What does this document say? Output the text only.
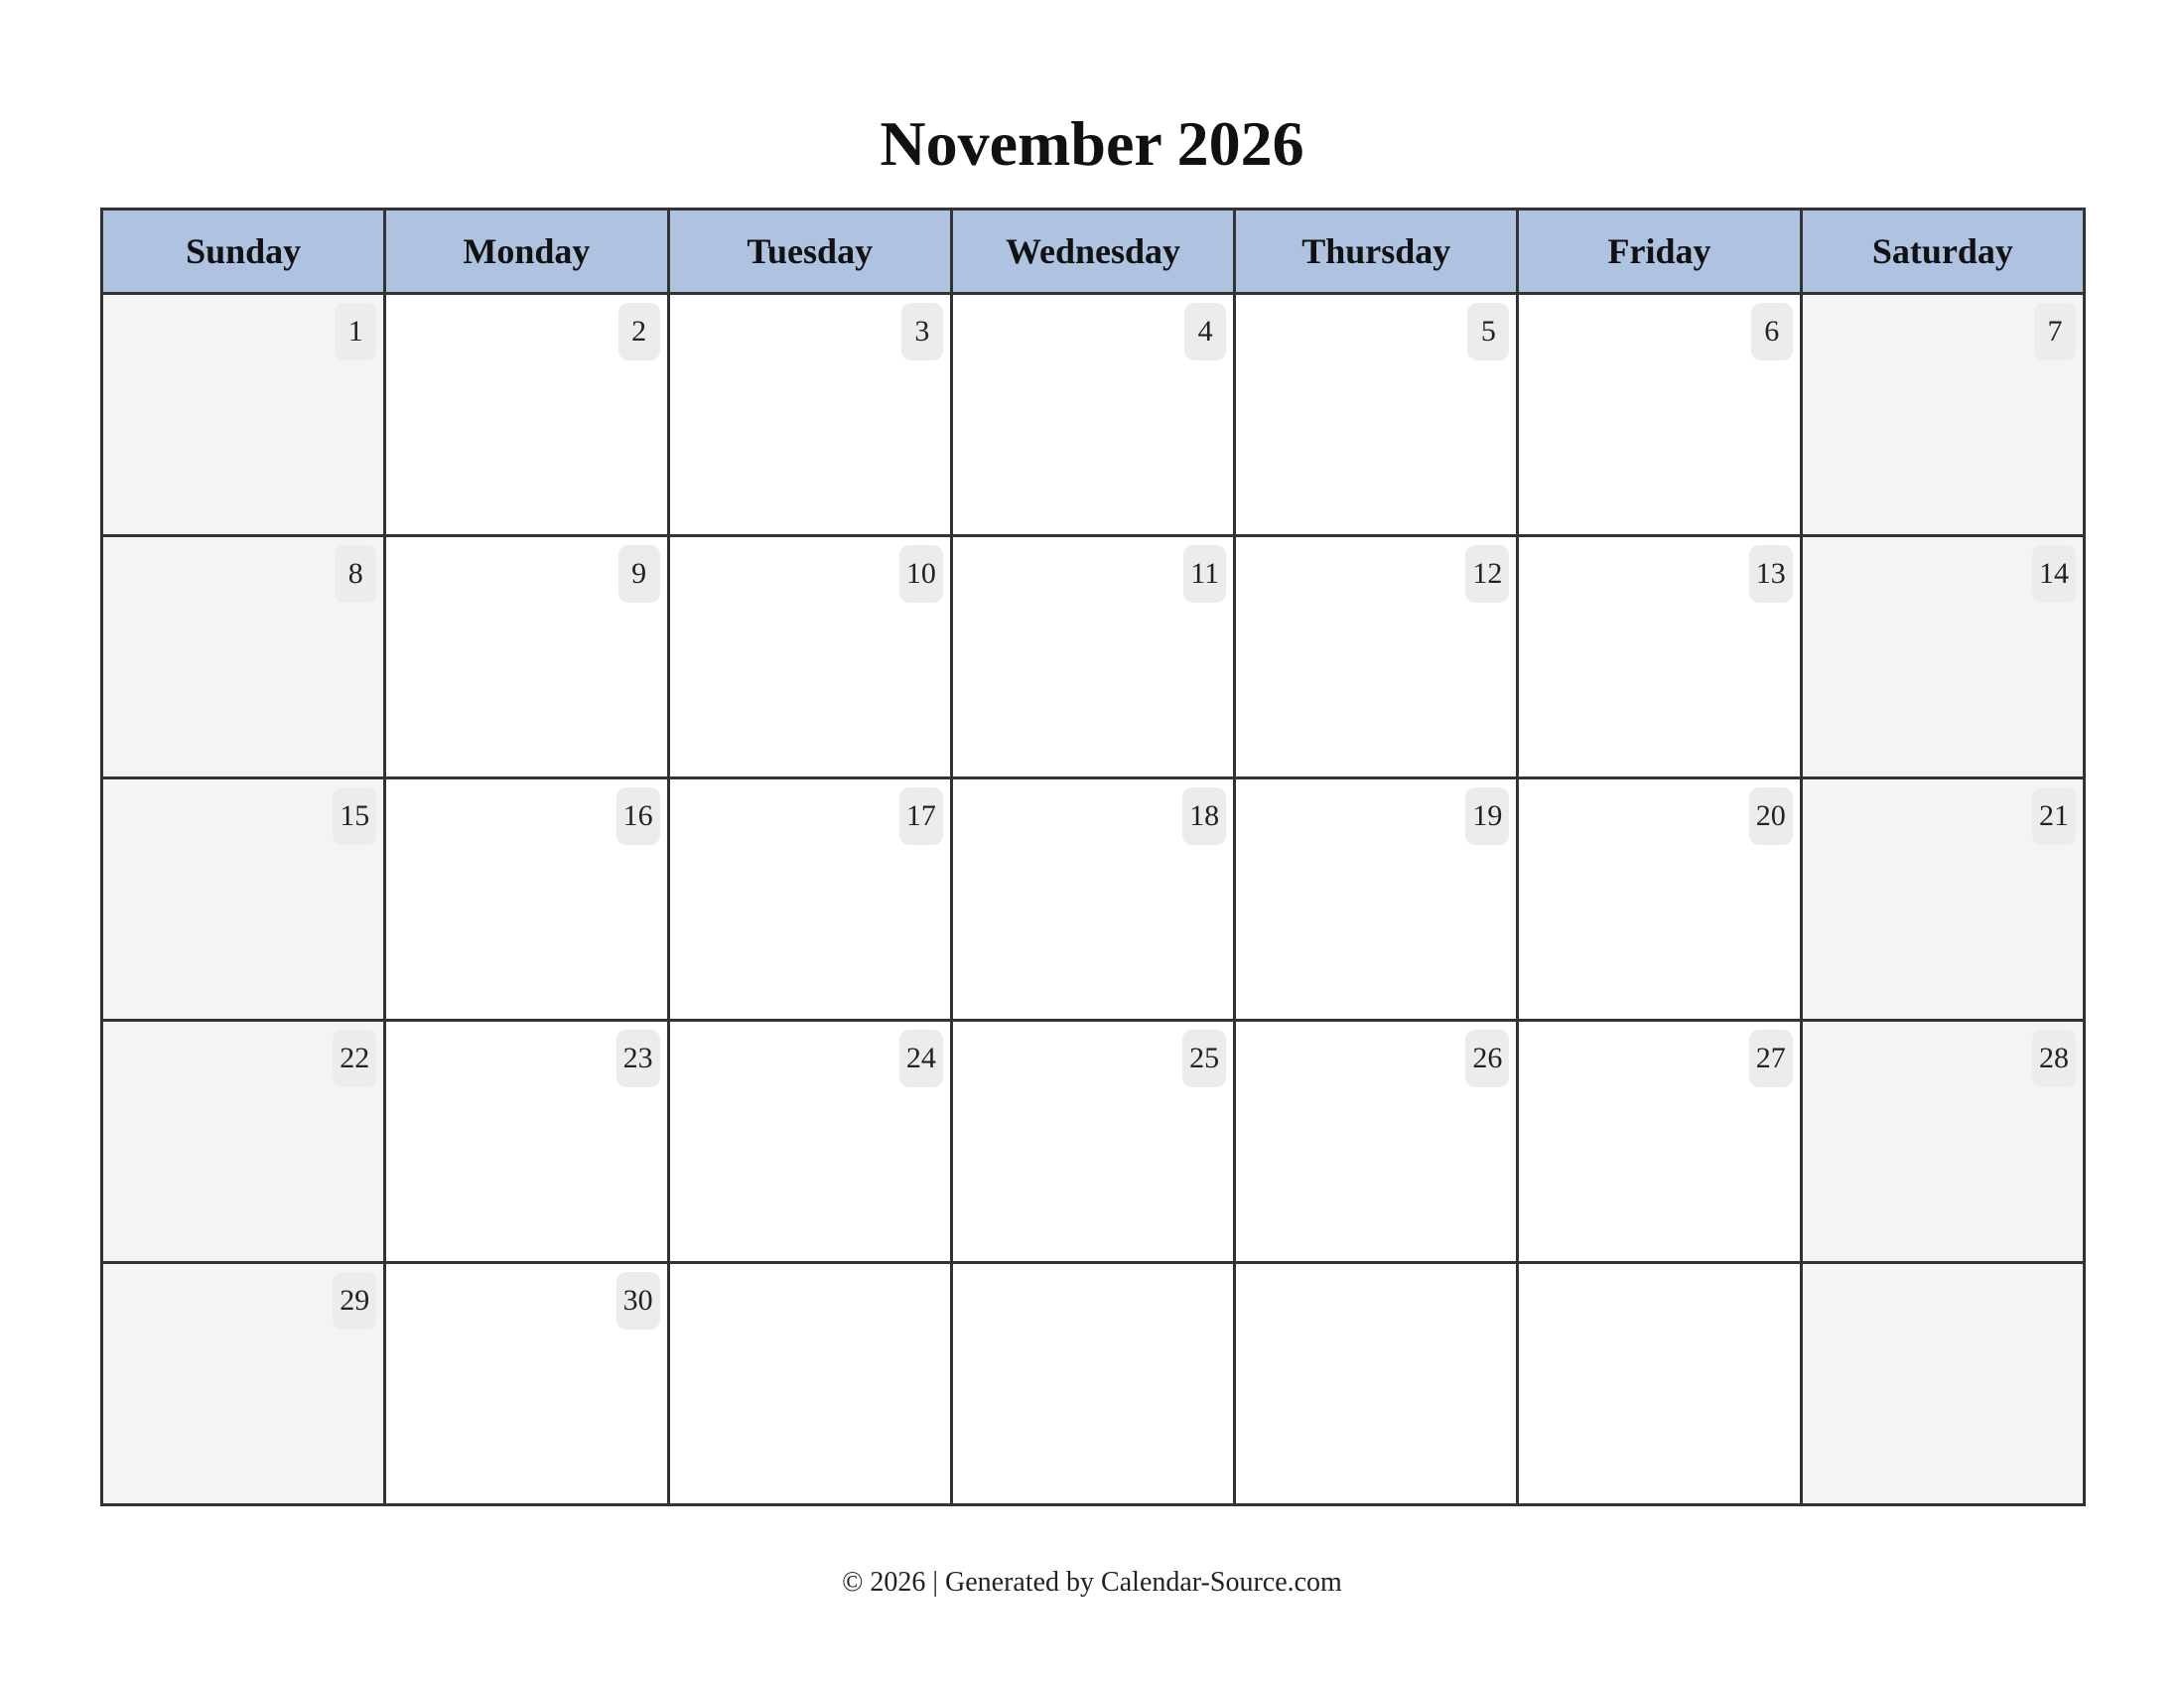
November 2026
Sunday	Monday	Tuesday	Wednesday	Thursday	Friday	Saturday

1	2	3	4	5	6	7

8	9	10	11	12	13	14

15	16	17	18	19	20	21

22	23	24	25	26	27	28

29	30					

© 2026 | Generated by Calendar-Source.com
